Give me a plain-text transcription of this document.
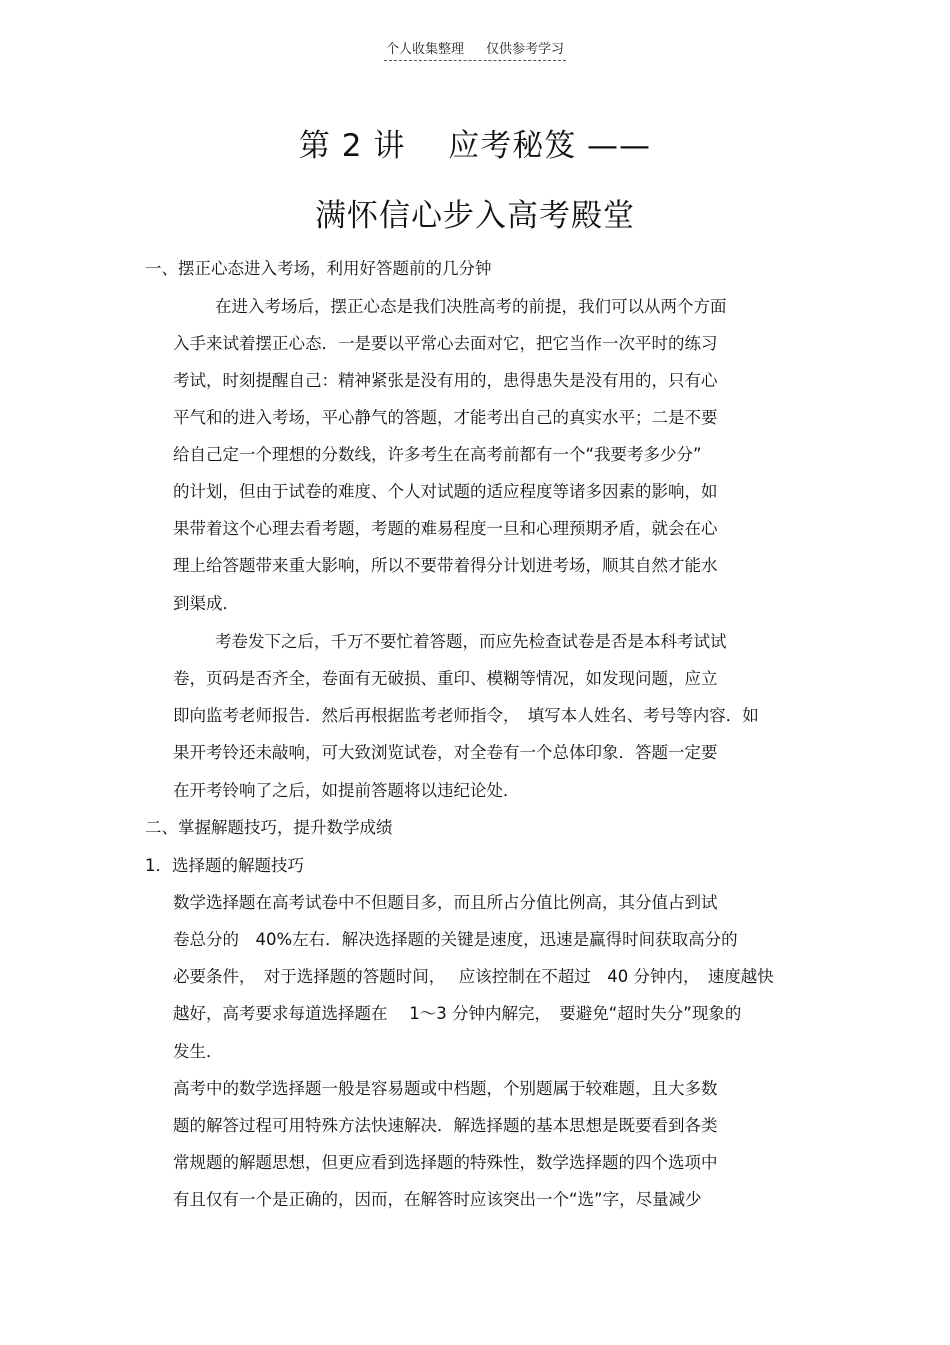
个人收集整理 仅供参考学习
第 2 讲　 应考秘笈 ——
满怀信心步入高考殿堂
一、摆正心态进入考场，利用好答题前的几分钟
在进入考场后，摆正心态是我们决胜高考的前提，我们可以从两个方面
入手来试着摆正心态．一是要以平常心去面对它，把它当作一次平时的练习
考试，时刻提醒自己：精神紧张是没有用的，患得患失是没有用的，只有心
平气和的进入考场，平心静气的答题，才能考出自己的真实水平；二是不要
给自己定一个理想的分数线，许多考生在高考前都有一个“我要考多少分”
的计划，但由于试卷的难度、个人对试题的适应程度等诸多因素的影响，如
果带着这个心理去看考题，考题的难易程度一旦和心理预期矛盾，就会在心
理上给答题带来重大影响，所以不要带着得分计划进考场，顺其自然才能水
到渠成．
考卷发下之后，千万不要忙着答题，而应先检查试卷是否是本科考试试
卷，页码是否齐全，卷面有无破损、重印、模糊等情况，如发现问题，应立
即向监考老师报告．然后再根据监考老师指令，　填写本人姓名、考号等内容．如
果开考铃还未敲响，可大致浏览试卷，对全卷有一个总体印象．答题一定要
在开考铃响了之后，如提前答题将以违纪论处．
二、掌握解题技巧，提升数学成绩
1．选择题的解题技巧
数学选择题在高考试卷中不但题目多，而且所占分值比例高，其分值占到试
卷总分的　40%左右．解决选择题的关键是速度，迅速是赢得时间获取高分的
必要条件，　对于选择题的答题时间，　 应该控制在不超过　40 分钟内，　速度越快
越好，高考要求每道选择题在　 1～3 分钟内解完，　要避免“超时失分”现象的
发生．
高考中的数学选择题一般是容易题或中档题，个别题属于较难题，且大多数
题的解答过程可用特殊方法快速解决．解选择题的基本思想是既要看到各类
常规题的解题思想，但更应看到选择题的特殊性，数学选择题的四个选项中
有且仅有一个是正确的，因而，在解答时应该突出一个“选”字，尽量减少
